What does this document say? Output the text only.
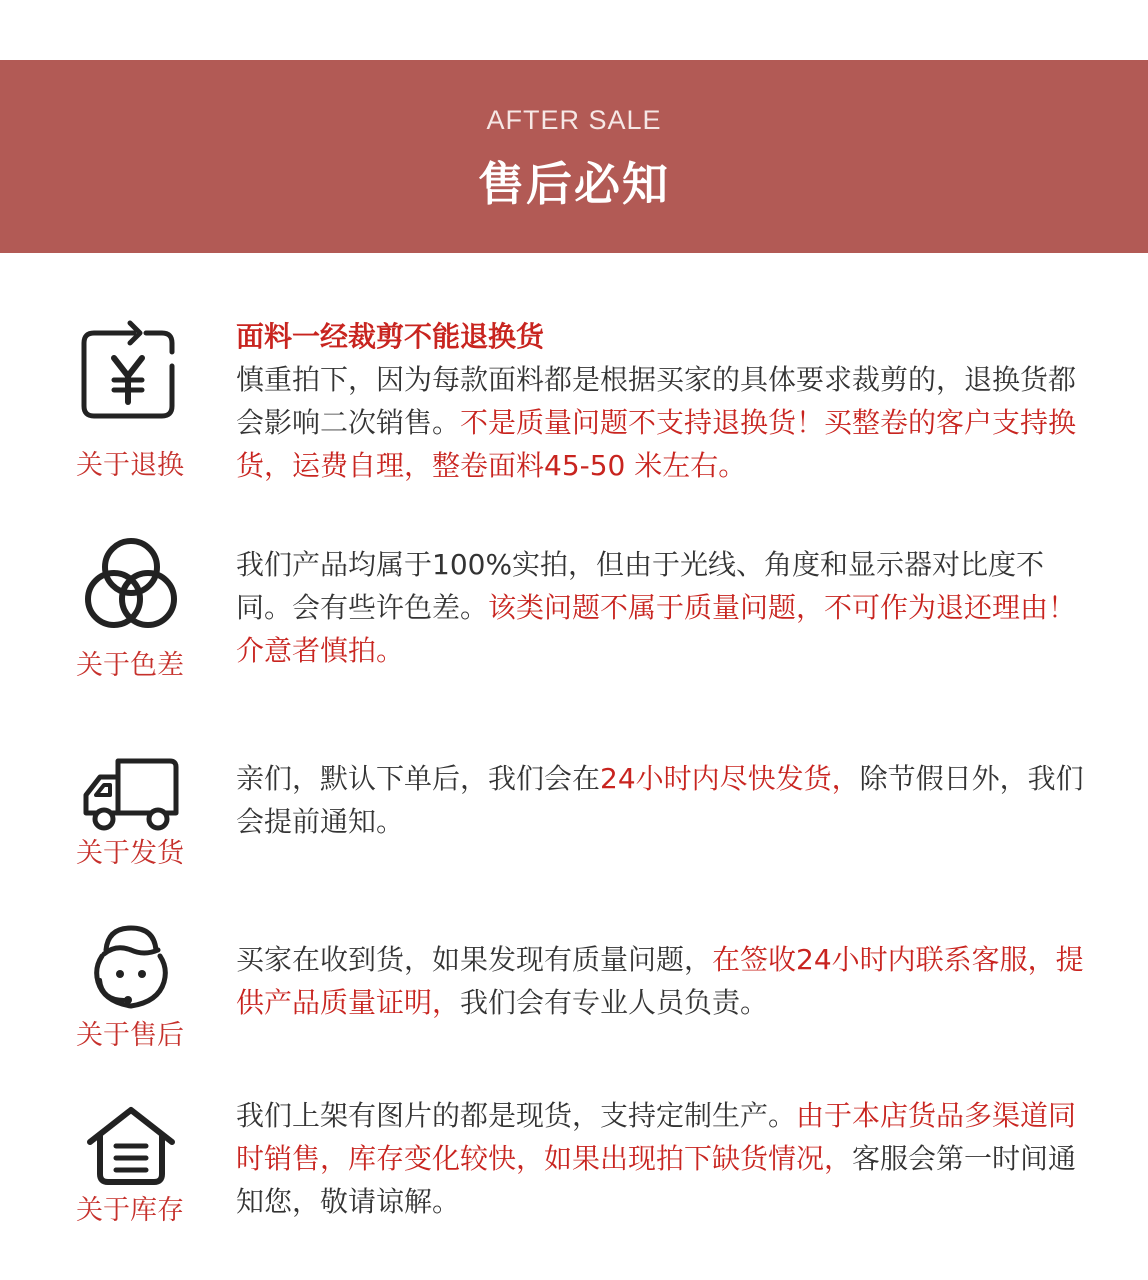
AFTER SALE
售后必知
关于退换
面料一经裁剪不能退换货
慎重拍下，因为每款面料都是根据买家的具体要求裁剪的，退换货都会影响二次销售。不是质量问题不支持退换货！买整卷的客户支持换货，运费自理，整卷面料45-50 米左右。
关于色差
我们产品均属于100%实拍，但由于光线、角度和显示器对比度不同。会有些许色差。该类问题不属于质量问题，不可作为退还理由！介意者慎拍。
关于发货
亲们，默认下单后，我们会在24小时内尽快发货，除节假日外，我们会提前通知。
关于售后
买家在收到货，如果发现有质量问题，在签收24小时内联系客服，提供产品质量证明，我们会有专业人员负责。
关于库存
我们上架有图片的都是现货，支持定制生产。由于本店货品多渠道同时销售，库存变化较快，如果出现拍下缺货情况，客服会第一时间通知您，敬请谅解。
